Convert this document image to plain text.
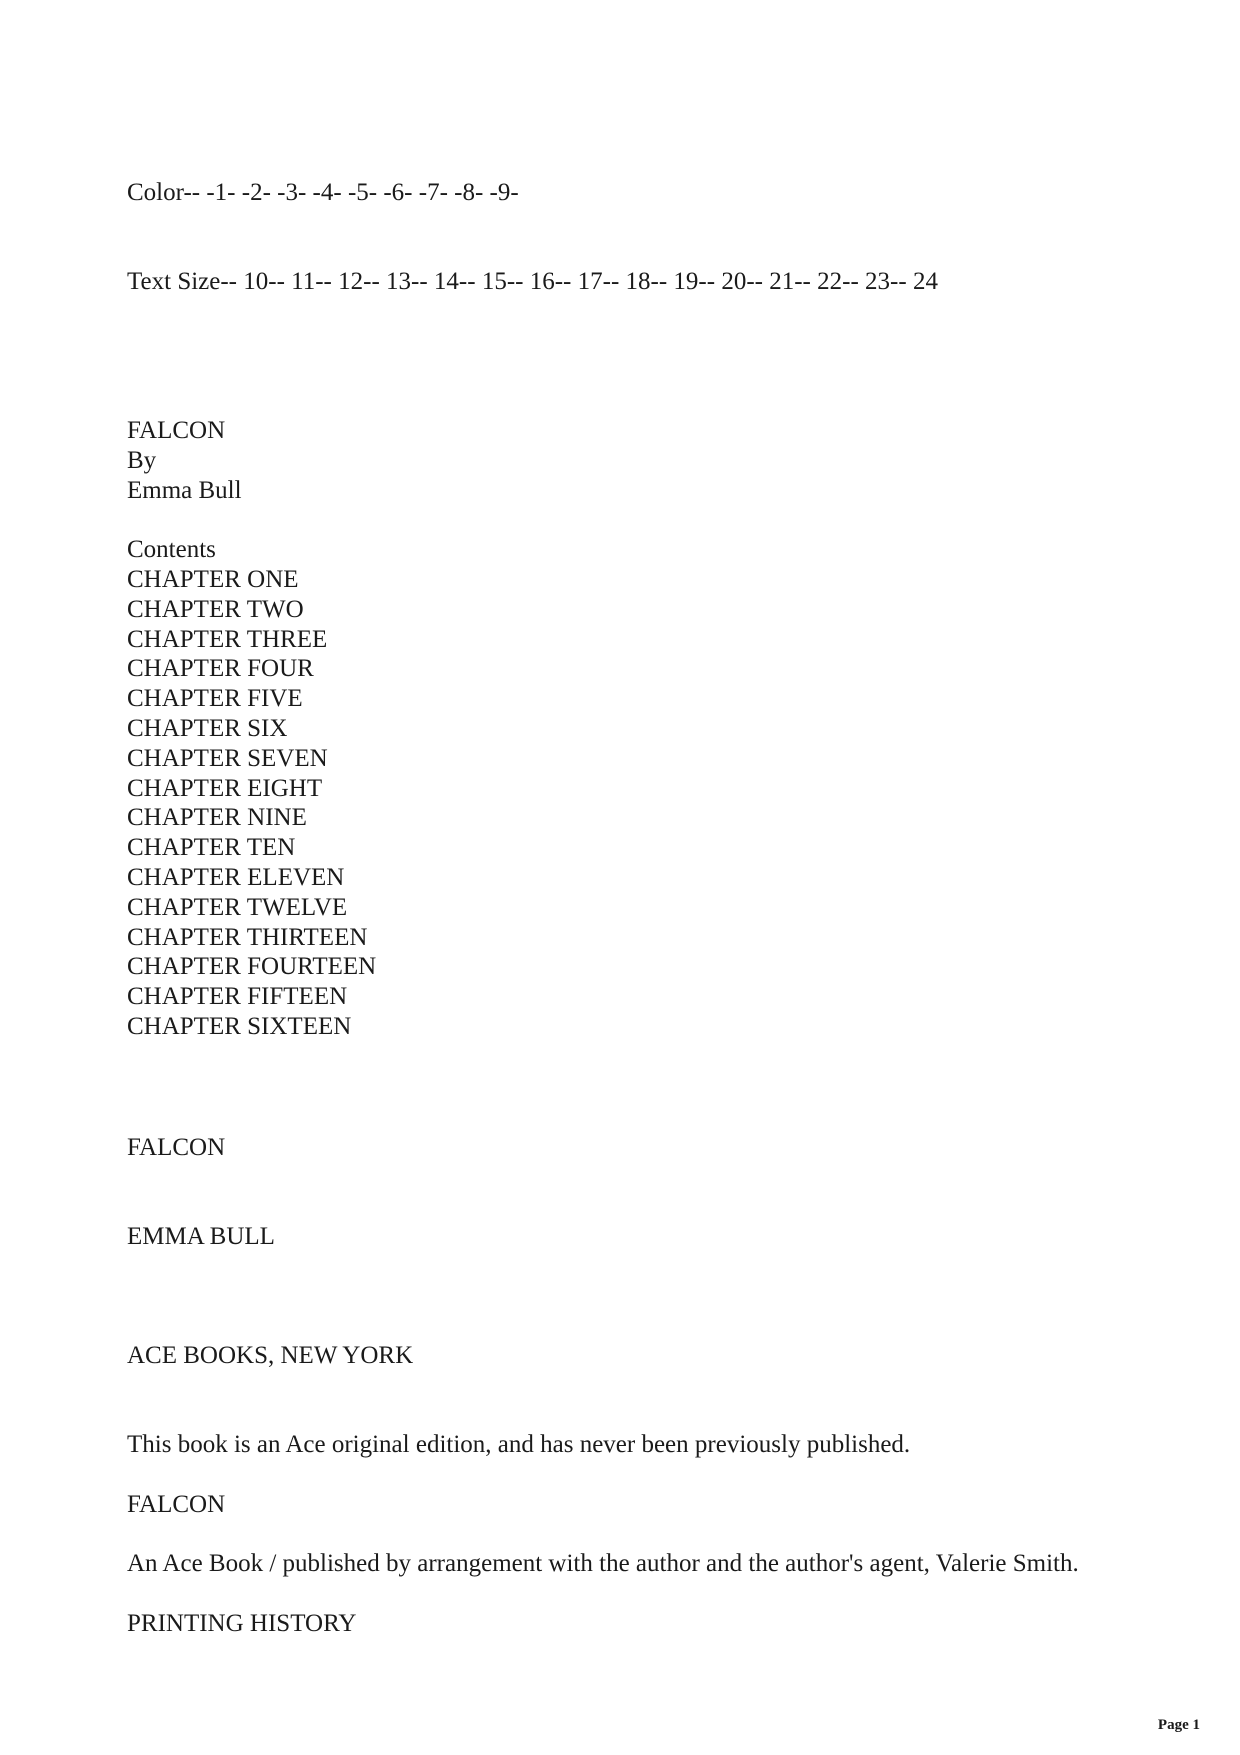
Color-- -1- -2- -3- -4- -5- -6- -7- -8- -9-
Text Size-- 10-- 11-- 12-- 13-- 14-- 15-- 16-- 17-- 18-- 19-- 20-- 21-- 22-- 23-- 24
FALCON
By
Emma Bull
Contents
CHAPTER ONE
CHAPTER TWO
CHAPTER THREE
CHAPTER FOUR
CHAPTER FIVE
CHAPTER SIX
CHAPTER SEVEN
CHAPTER EIGHT
CHAPTER NINE
CHAPTER TEN
CHAPTER ELEVEN
CHAPTER TWELVE
CHAPTER THIRTEEN
CHAPTER FOURTEEN
CHAPTER FIFTEEN
CHAPTER SIXTEEN
FALCON
EMMA BULL
ACE BOOKS, NEW YORK
This book is an Ace original edition, and has never been previously published.
FALCON
An Ace Book / published by arrangement with the author and the author's agent, Valerie Smith.
PRINTING HISTORY
Page 1
